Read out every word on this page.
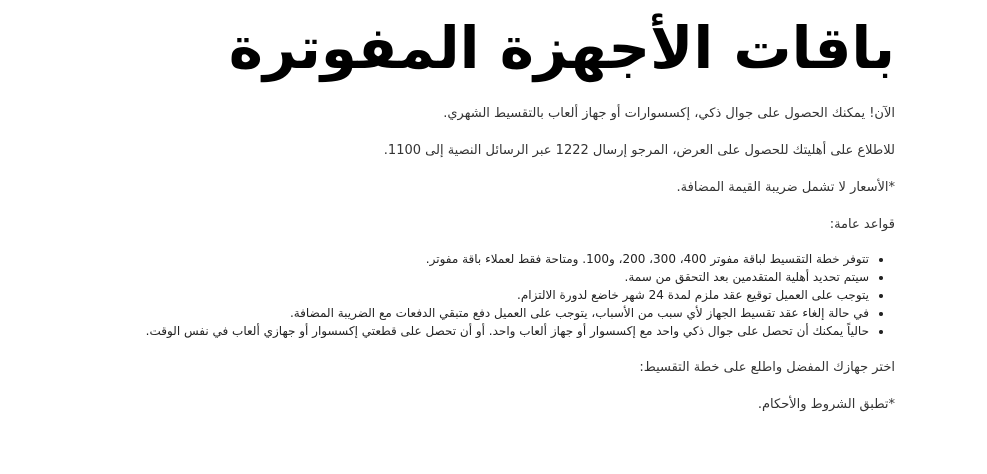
باقات الأجهزة المفوترة

الآن! يمكنك الحصول على جوال ذكي، إكسسوارات أو جهاز ألعاب بالتقسيط الشهري.

للاطلاع على أهليتك للحصول على العرض، المرجو إرسال 1222 عبر الرسائل النصية إلى 1100.

*الأسعار لا تشمل ضريبة القيمة المضافة.

قواعد عامة:

• تتوفر خطة التقسيط لباقة مفوتر 400، 300، 200، و100. ومتاحة فقط لعملاء باقة مفوتر.
• سيتم تحديد أهلية المتقدمين بعد التحقق من سمة.
• يتوجب على العميل توقيع عقد ملزم لمدة 24 شهر خاضع لدورة الالتزام.
• في حالة إلغاء عقد تقسيط الجهاز لأي سبب من الأسباب، يتوجب على العميل دفع متبقي الدفعات مع الضريبة المضافة.
• حالياً يمكنك أن تحصل على جوال ذكي واحد مع إكسسوار أو جهاز ألعاب واحد. أو أن تحصل على قطعتي إكسسوار أو جهازي ألعاب في نفس الوقت.

اختر جهازك المفضل واطلع على خطة التقسيط:

*تطبق الشروط والأحكام.
